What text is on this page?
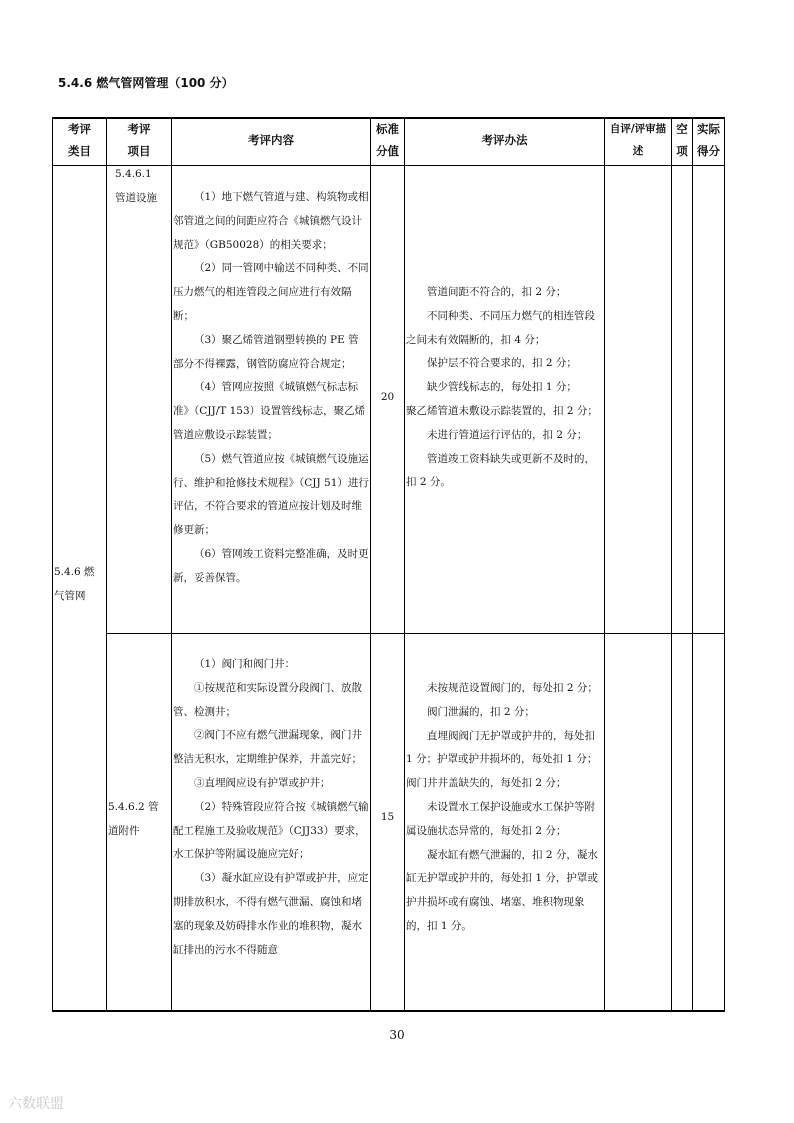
5.4.6 燃气管网管理（100 分）
考评
类目
考评
项目
考评内容
标准
分值
考评办法
自评/评审描
述
空
项
实际
得分
5.4.6 燃
气管网
5.4.6.1
管道设施	（1）地下燃气管道与建、构筑物或相邻管道之间的间距应符合《城镇燃气设计规范》（GB50028）的相关要求；
（2）同一管网中输送不同种类、不同压力燃气的相连管段之间应进行有效隔断；
（3）聚乙烯管道钢塑转换的 PE 管部分不得裸露，钢管防腐应符合规定；
（4）管网应按照《城镇燃气标志标准》（CJJ/T 153）设置管线标志，聚乙烯管道应敷设示踪装置；
（5）燃气管道应按《城镇燃气设施运行、维护和抢修技术规程》（CJJ 51）进行评估，不符合要求的管道应按计划及时维修更新；
（6）管网竣工资料完整准确，及时更新，妥善保管。
20
管道间距不符合的，扣 2 分；
不同种类、不同压力燃气的相连管段之间未有效隔断的，扣 4 分；
保护层不符合要求的，扣 2 分；
缺少管线标志的，每处扣 1 分；
聚乙烯管道未敷设示踪装置的，扣 2 分；
未进行管道运行评估的，扣 2 分；
管道竣工资料缺失或更新不及时的，扣 2 分。
5.4.6.2 管
道附件
（1）阀门和阀门井：
①按规范和实际设置分段阀门、放散管、检测井；
②阀门不应有燃气泄漏现象，阀门井整洁无积水，定期维护保养，井盖完好；
③直埋阀应设有护罩或护井；
（2）特殊管段应符合按《城镇燃气输配工程施工及验收规范》（CJJ33）要求，水工保护等附属设施应完好；
（3）凝水缸应设有护罩或护井，应定期排放积水，不得有燃气泄漏、腐蚀和堵塞的现象及妨碍排水作业的堆积物，凝水缸排出的污水不得随意
15
未按规范设置阀门的，每处扣 2 分；
阀门泄漏的，扣 2 分；
直埋阀阀门无护罩或护井的，每处扣 1 分；护罩或护井损坏的，每处扣 1 分；阀门井井盖缺失的，每处扣 2 分；
未设置水工保护设施或水工保护等附属设施状态异常的，每处扣 2 分；
凝水缸有燃气泄漏的，扣 2 分，凝水缸无护罩或护井的，每处扣 1 分，护罩或护井损坏或有腐蚀、堵塞、堆积物现象的，扣 1 分。
30
六数联盟
